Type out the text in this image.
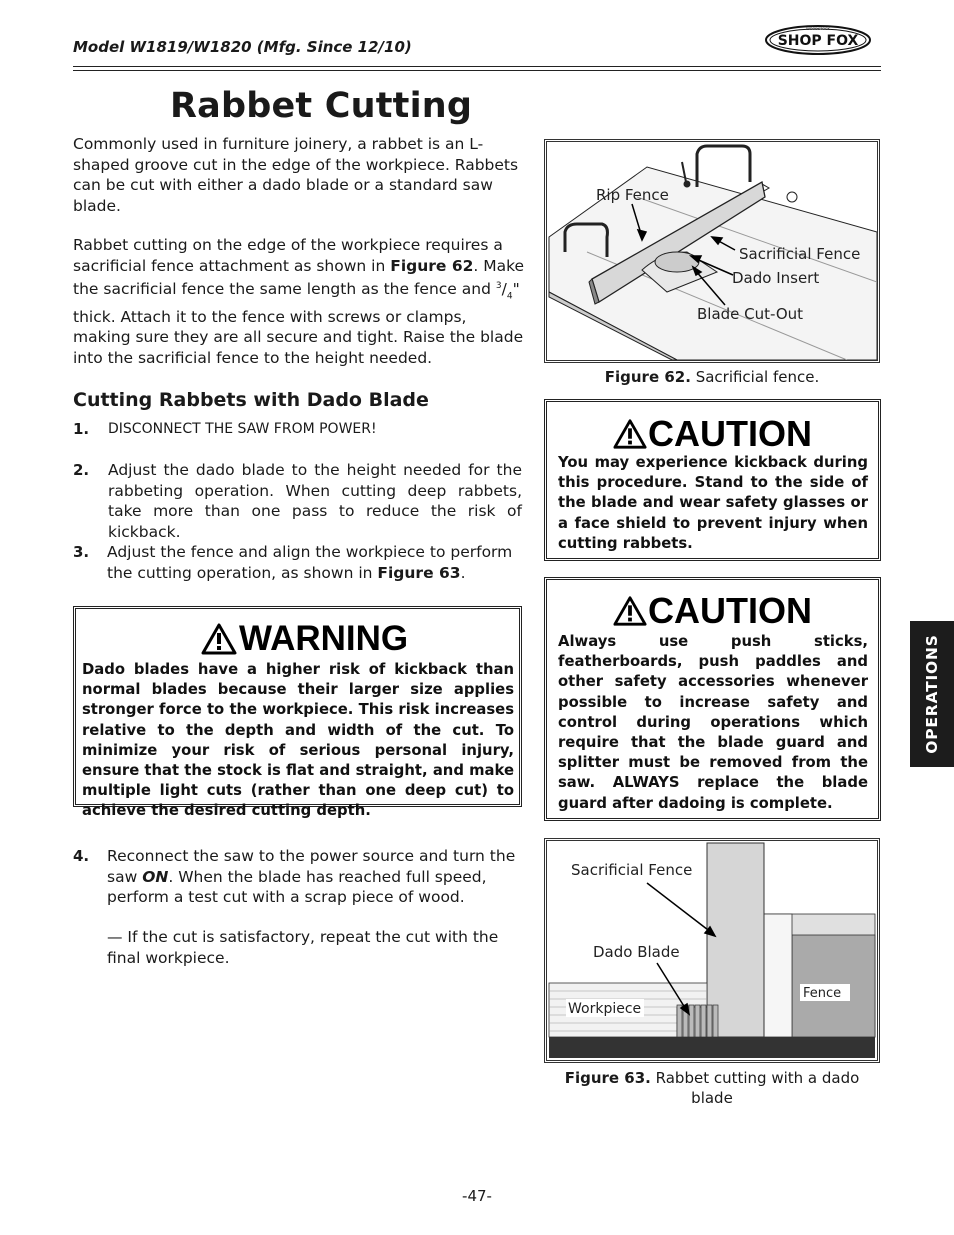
Model W1819/W1820 (Mfg. Since 12/10)
WOODSTOCK
SHOP FOX
Rabbet Cutting
Commonly used in furniture joinery, a rabbet is an L-shaped groove cut in the edge of the workpiece. Rabbets can be cut with either a dado blade or a standard saw blade.
Rabbet cutting on the edge of the workpiece requires a sacrificial fence attachment as shown in Figure 62. Make the sacrificial fence the same length as the fence and $^3/_4$" thick. Attach it to the fence with screws or clamps, making sure they are all secure and tight. Raise the blade into the sacrificial fence to the height needed.
Cutting Rabbets with Dado Blade
1. DISCONNECT THE SAW FROM POWER!
2. Adjust the dado blade to the height needed for the rabbeting operation. When cutting deep rabbets, take more than one pass to reduce the risk of kickback.
3. Adjust the fence and align the workpiece to perform the cutting operation, as shown in Figure 63.
WARNING
Dado blades have a higher risk of kickback than normal blades because their larger size applies stronger force to the workpiece. This risk increases relative to the depth and width of the cut. To minimize your risk of serious personal injury, ensure that the stock is flat and straight, and make multiple light cuts (rather than one deep cut) to achieve the desired cutting depth.
4. Reconnect the saw to the power source and turn the saw ON. When the blade has reached full speed, perform a test cut with a scrap piece of wood.
— If the cut is satisfactory, repeat the cut with the final workpiece.
Rip Fence
Sacrificial Fence
Dado Insert
Blade Cut-Out
Figure 62. Sacrificial fence.
CAUTION
You may experience kickback during this procedure. Stand to the side of the blade and wear safety glasses or a face shield to prevent injury when cutting rabbets.
CAUTION
Always use push sticks, featherboards, push paddles and other safety accessories whenever possible to increase safety and control during operations which require that the blade guard and splitter must be removed from the saw. ALWAYS replace the blade guard after dadoing is complete.
Sacrificial Fence
Dado Blade
Workpiece
Fence
Figure 63. Rabbet cutting with a dado blade
OPERATIONS
-47-
